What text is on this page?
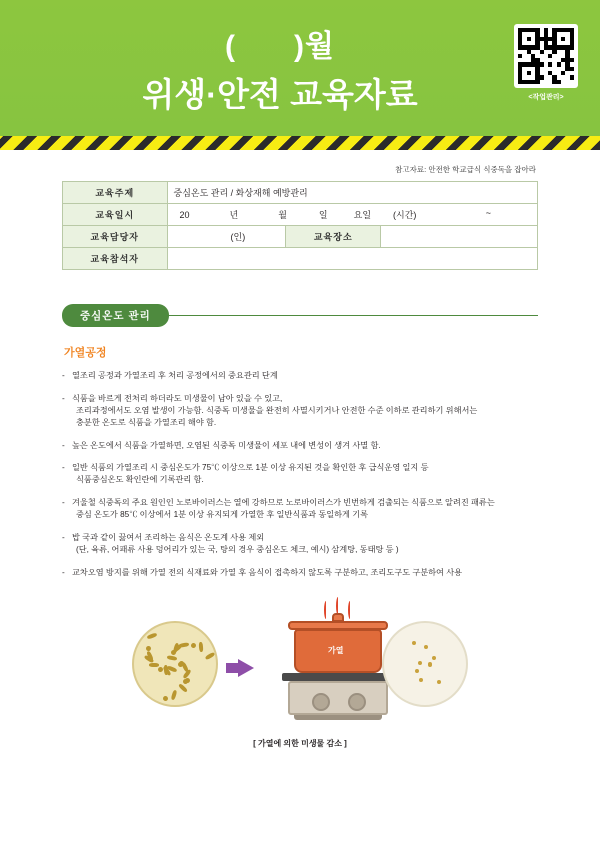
( )월
위생·안전 교육자료	<작업관리>
참고자료: 안전한 학교급식 식중독을 잡아라
교육주제	중심온도 관리 / 화상재해 예방관리		
교육일시	20 년 월 일 요일 (시간) ~		

교육담당자	(인)	교육장소	
교육참석자			
중심온도 관리
가열공정
- 열조리 공정과 가열조리 후 처리 공정에서의 중요관리 단계
- 식품을 바르게 전처리 하더라도 미생물이 남아 있을 수 있고,
조리과정에서도 오염 발생이 가능함. 식중독 미생물을 완전히 사멸시키거나 안전한 수준 이하로 관리하기 위해서는
충분한 온도로 식품을 가열조리 해야 함.
- 높은 온도에서 식품을 가열하면, 오염된 식중독 미생물이 세포 내에 변성이 생겨 사멸 함.
- 일반 식품의 가열조리 시 중심온도가 75℃ 이상으로 1분 이상 유지된 것을 확인한 후 급식운영 일지 등
식품중심온도 확인란에 기록관리 함.
- 겨울철 식중독의 주요 원인인 노로바이러스는 열에 강하므로 노로바이러스가 빈번하게 검출되는 식품으로 알려진 패류는
중심 온도가 85℃ 이상에서 1분 이상 유지되게 가열한 후 일반식품과 동일하게 기록
- 밥 국과 같이 끓여서 조리하는 음식은 온도계 사용 제외
(단, 육류, 어패류 사용 덩어리가 있는 국, 탕의 경우 중심온도 체크, 예시) 삼계탕, 동태탕 등 )
- 교차오염 방지를 위해 가열 전의 식재료와 가열 후 음식이 접촉하지 않도록 구분하고, 조리도구도 구분하여 사용
가열
[ 가열에 의한 미생물 감소 ]
